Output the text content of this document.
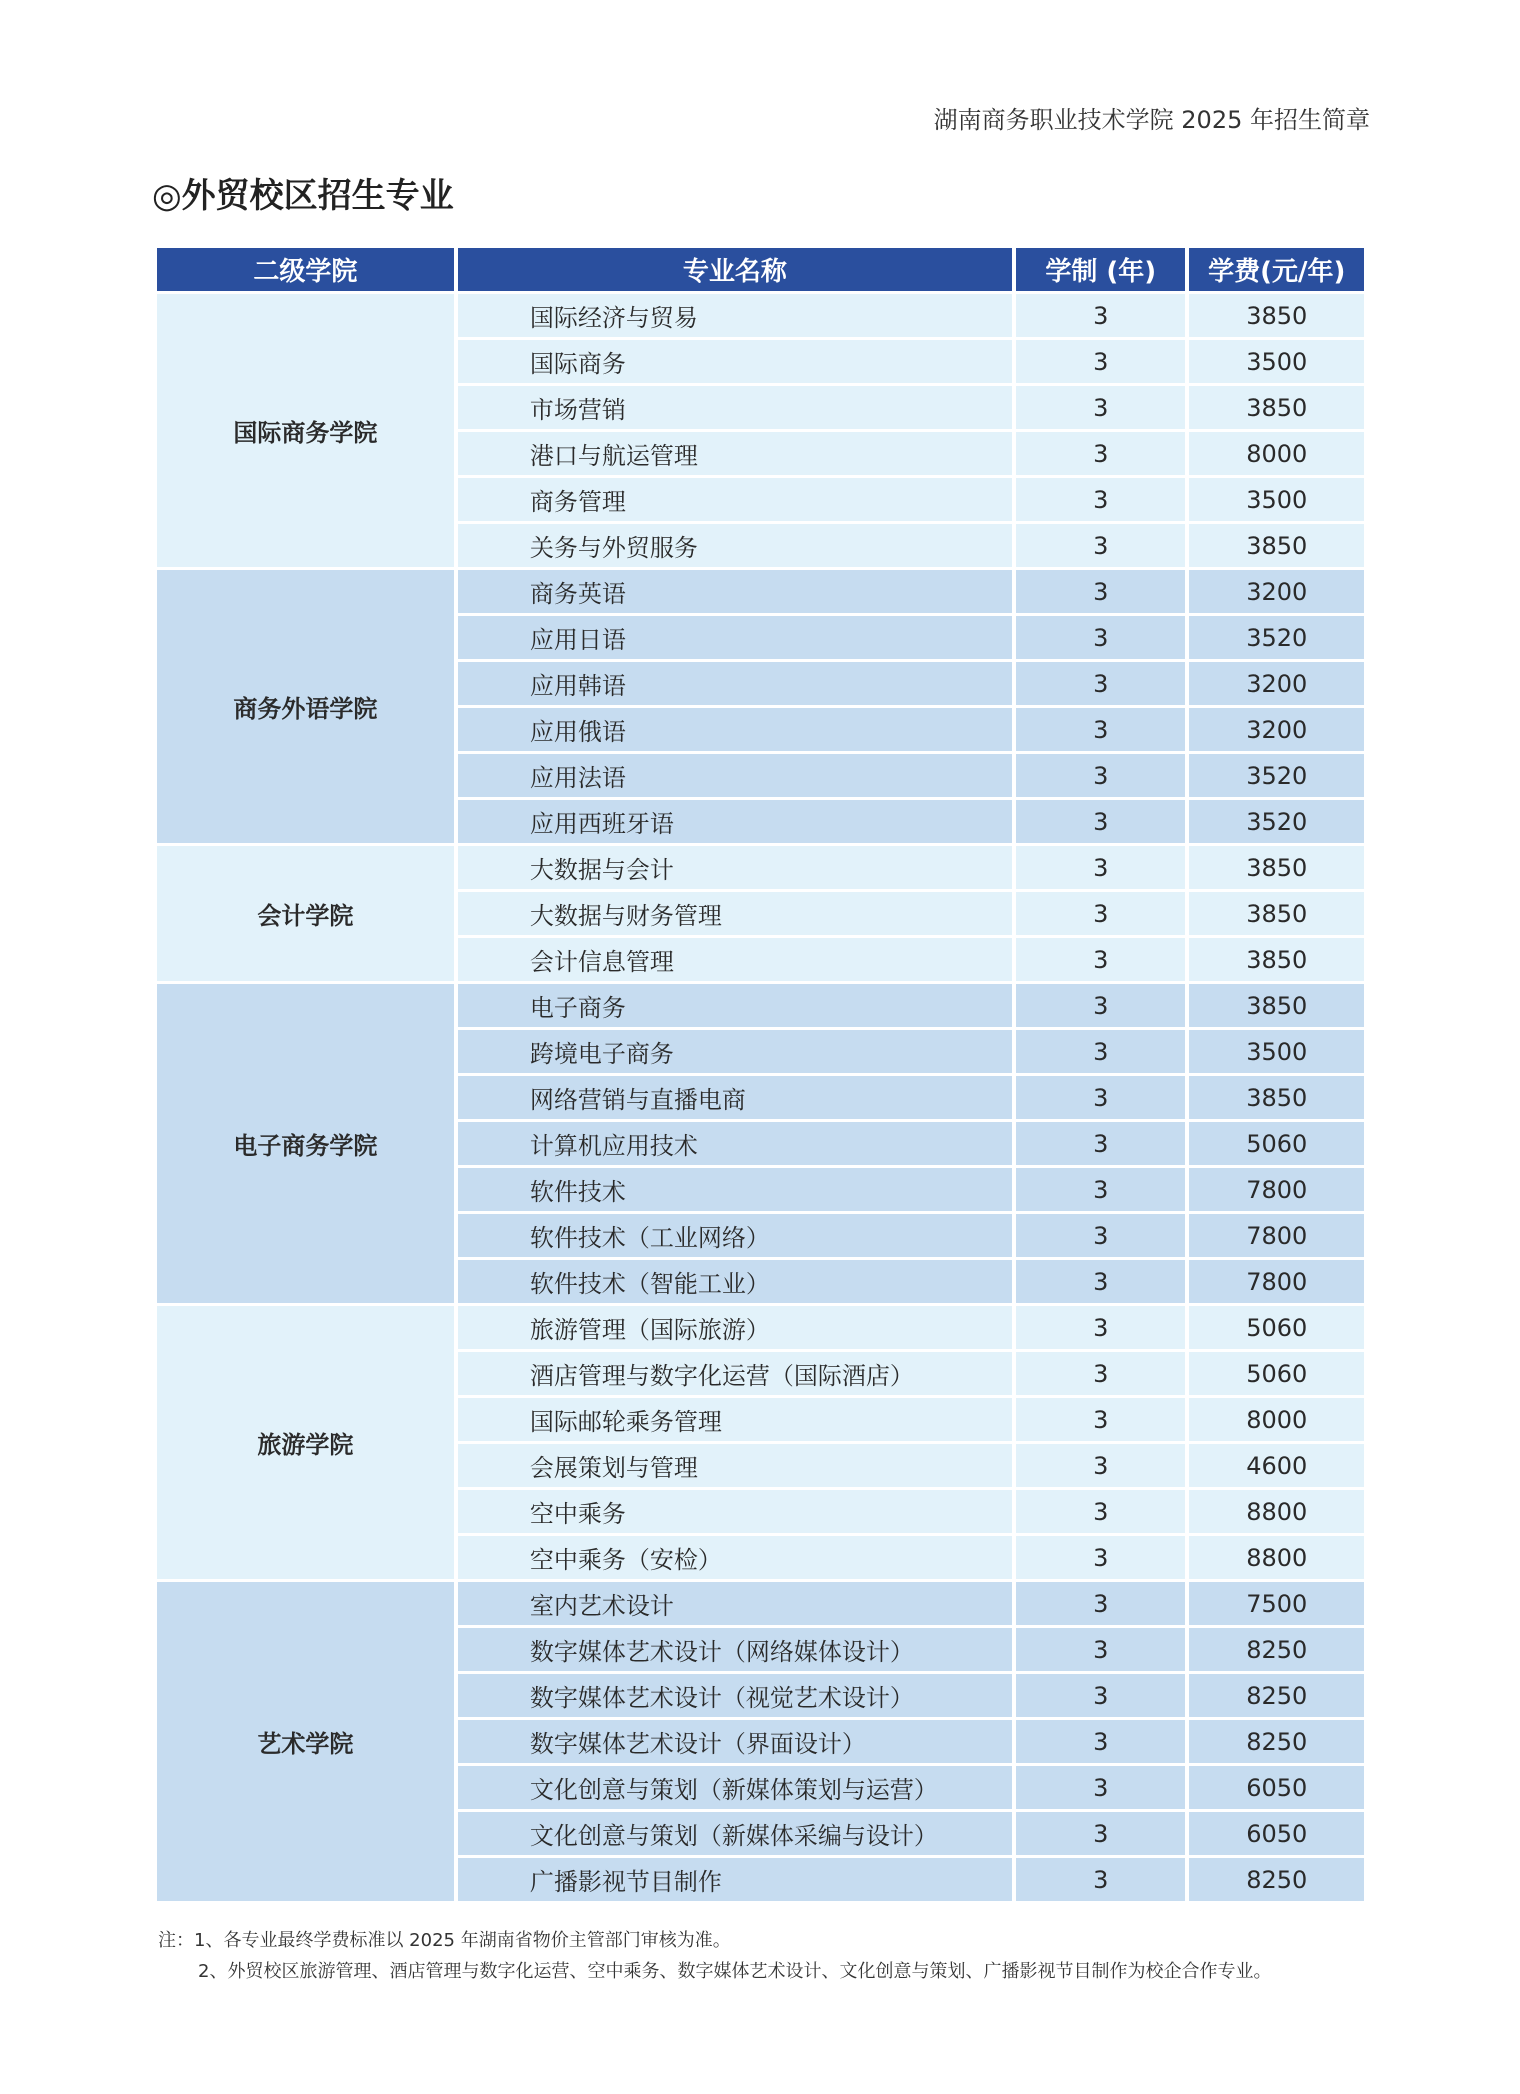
湖南商务职业技术学院 2025 年招生简章
◎外贸校区招生专业
二级学院	专业名称	学制 (年)	学费(元/年)
国际商务学院	国际经济与贸易	3	3850
	国际商务	3	3500
	市场营销	3	3850
	港口与航运管理	3	8000
	商务管理	3	3500
	关务与外贸服务	3	3850
商务外语学院	商务英语	3	3200
	应用日语	3	3520
	应用韩语	3	3200
	应用俄语	3	3200
	应用法语	3	3520
	应用西班牙语	3	3520
会计学院	大数据与会计	3	3850
	大数据与财务管理	3	3850
	会计信息管理	3	3850
电子商务学院	电子商务	3	3850
	跨境电子商务	3	3500
	网络营销与直播电商	3	3850
	计算机应用技术	3	5060
	软件技术	3	7800
	软件技术（工业网络）	3	7800
	软件技术（智能工业）	3	7800
旅游学院	旅游管理（国际旅游）	3	5060
	酒店管理与数字化运营（国际酒店）	3	5060
	国际邮轮乘务管理	3	8000
	会展策划与管理	3	4600
	空中乘务	3	8800
	空中乘务（安检）	3	8800
艺术学院	室内艺术设计	3	7500
	数字媒体艺术设计（网络媒体设计）	3	8250
	数字媒体艺术设计（视觉艺术设计）	3	8250
	数字媒体艺术设计（界面设计）	3	8250
	文化创意与策划（新媒体策划与运营）	3	6050
	文化创意与策划（新媒体采编与设计）	3	6050
	广播影视节目制作	3	8250
注：1、各专业最终学费标准以 2025 年湖南省物价主管部门审核为准。
2、外贸校区旅游管理、酒店管理与数字化运营、空中乘务、数字媒体艺术设计、文化创意与策划、广播影视节目制作为校企合作专业。
